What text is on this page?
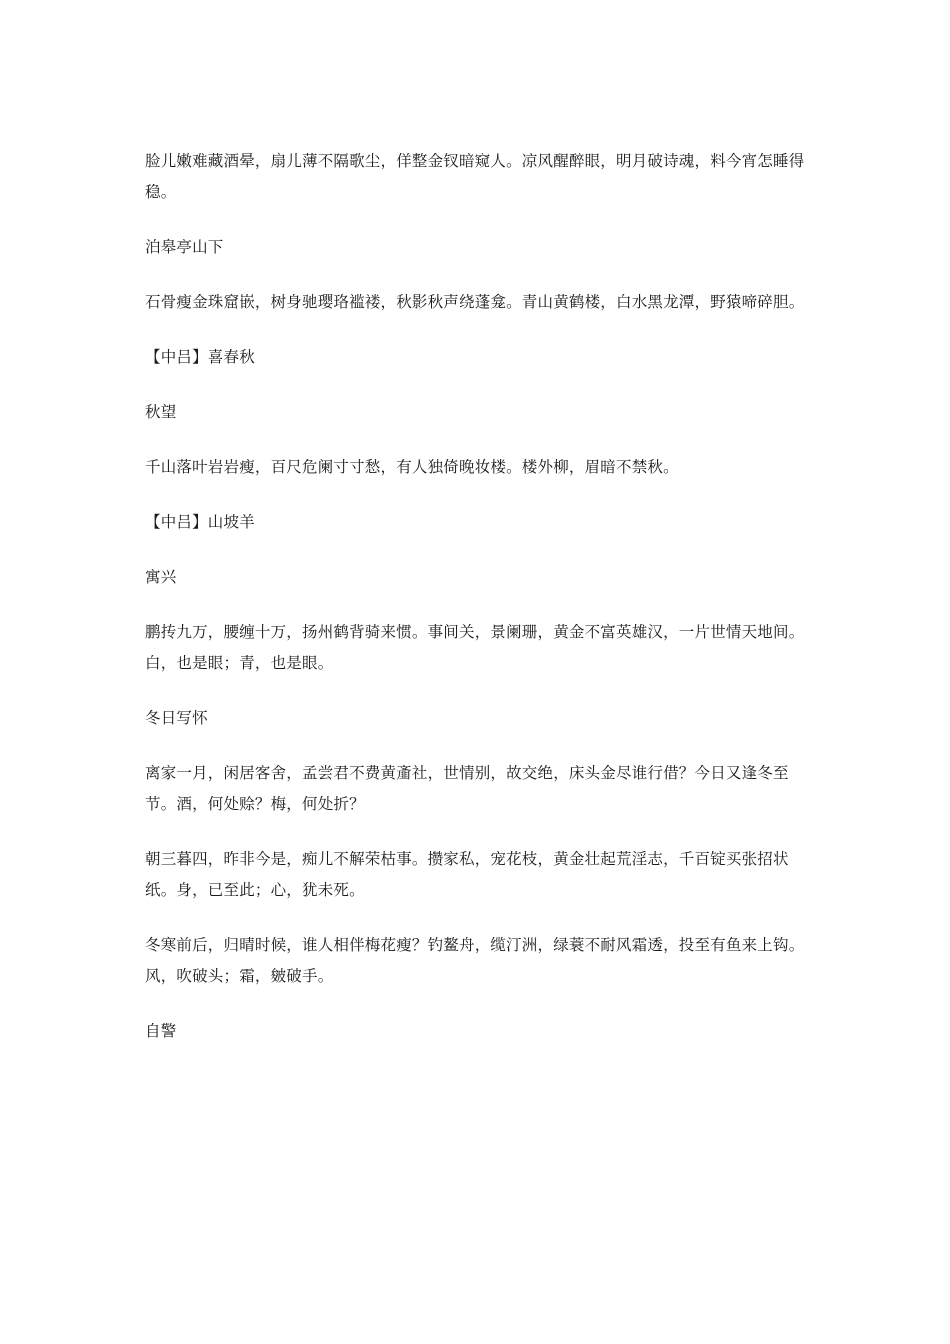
脸儿嫩难藏酒晕，扇儿薄不隔歌尘，佯整金钗暗窥人。凉风醒醉眼，明月破诗魂，料今宵怎睡得稳。

泊皋亭山下

石骨瘦金珠窟嵌，树身驰璎珞褴褛，秋影秋声绕蓬龛。青山黄鹤楼，白水黑龙潭，野猿啼碎胆。

【中吕】喜春秋

秋望

千山落叶岩岩瘦，百尺危阑寸寸愁，有人独倚晚妆楼。楼外柳，眉暗不禁秋。

【中吕】山坡羊

寓兴

鹏抟九万，腰缠十万，扬州鹤背骑来惯。事间关，景阑珊，黄金不富英雄汉，一片世情天地间。白，也是眼；青，也是眼。

冬日写怀

离家一月，闲居客舍，孟尝君不费黄齑社，世情别，故交绝，床头金尽谁行借？今日又逢冬至节。酒，何处赊？梅，何处折？

朝三暮四，昨非今是，痴儿不解荣枯事。攒家私，宠花枝，黄金壮起荒淫志，千百锭买张招状纸。身，已至此；心，犹未死。

冬寒前后，归晴时候，谁人相伴梅花瘦？钓鳌舟，缆汀洲，绿蓑不耐风霜透，投至有鱼来上钩。风，吹破头；霜，皴破手。

自警
